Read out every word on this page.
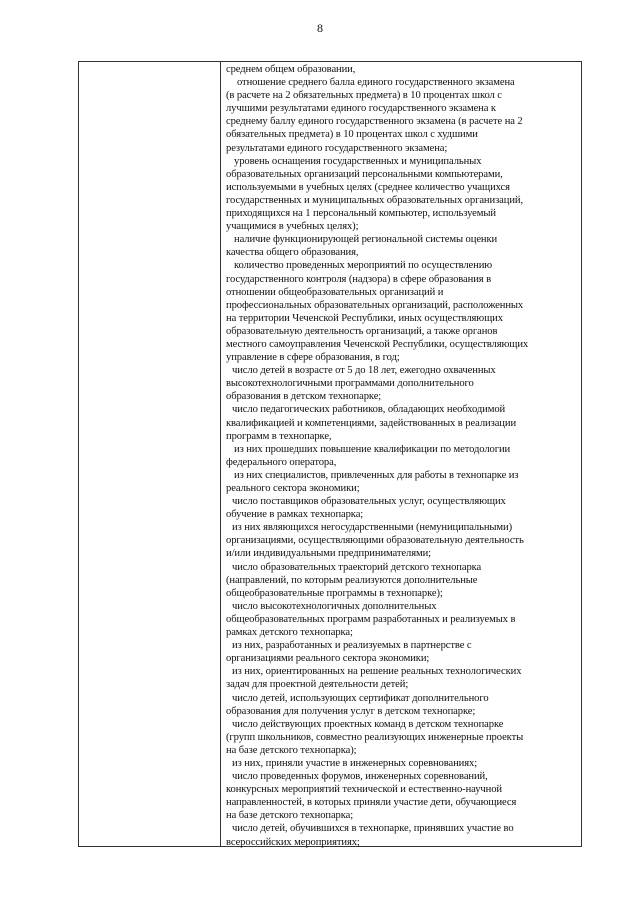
8
среднем общем образовании,
отношение среднего балла единого государственного экзамена
(в расчете на 2 обязательных предмета) в 10 процентах школ с
лучшими результатами единого государственного экзамена к
среднему баллу единого государственного экзамена (в расчете на 2
обязательных предмета) в 10 процентах школ с худшими
результатами единого государственного экзамена;
уровень оснащения государственных и муниципальных
образовательных организаций персональными компьютерами,
используемыми в учебных целях (среднее количество учащихся
государственных и муниципальных образовательных организаций,
приходящихся на 1 персональный компьютер, используемый
учащимися в учебных целях);
наличие функционирующей региональной системы оценки
качества общего образования,
количество проведенных мероприятий по осуществлению
государственного контроля (надзора) в сфере образования в
отношении общеобразовательных организаций и
профессиональных образовательных организаций, расположенных
на территории Чеченской Республики, иных осуществляющих
образовательную деятельность организаций, а также органов
местного самоуправления Чеченской Республики, осуществляющих
управление в сфере образования, в год;
число детей в возрасте от 5 до 18 лет, ежегодно охваченных
высокотехнологичными программами дополнительного
образования в детском технопарке;
число педагогических работников, обладающих необходимой
квалификацией и компетенциями, задействованных в реализации
программ в технопарке,
из них прошедших повышение квалификации по методологии
федерального оператора,
из них специалистов, привлеченных для работы в технопарке из
реального сектора экономики;
число поставщиков образовательных услуг, осуществляющих
обучение в рамках технопарка;
из них являющихся негосударственными (немуниципальными)
организациями, осуществляющими образовательную деятельность
и/или индивидуальными предпринимателями;
число образовательных траекторий детского технопарка
(направлений, по которым реализуются дополнительные
общеобразовательные программы в технопарке);
число высокотехнологичных дополнительных
общеобразовательных программ разработанных и реализуемых в
рамках детского технопарка;
из них, разработанных и реализуемых в партнерстве с
организациями реального сектора экономики;
из них, ориентированных на решение реальных технологических
задач для проектной деятельности детей;
число детей, использующих сертификат дополнительного
образования для получения услуг в детском технопарке;
число действующих проектных команд в детском технопарке
(групп школьников, совместно реализующих инженерные проекты
на базе детского технопарка);
из них, приняли участие в инженерных соревнованиях;
число проведенных форумов, инженерных соревнований,
конкурсных мероприятий технической и естественно-научной
направленностей, в которых приняли участие дети, обучающиеся
на базе детского технопарка;
число детей, обучившихся в технопарке, принявших участие во
всероссийских мероприятиях;
